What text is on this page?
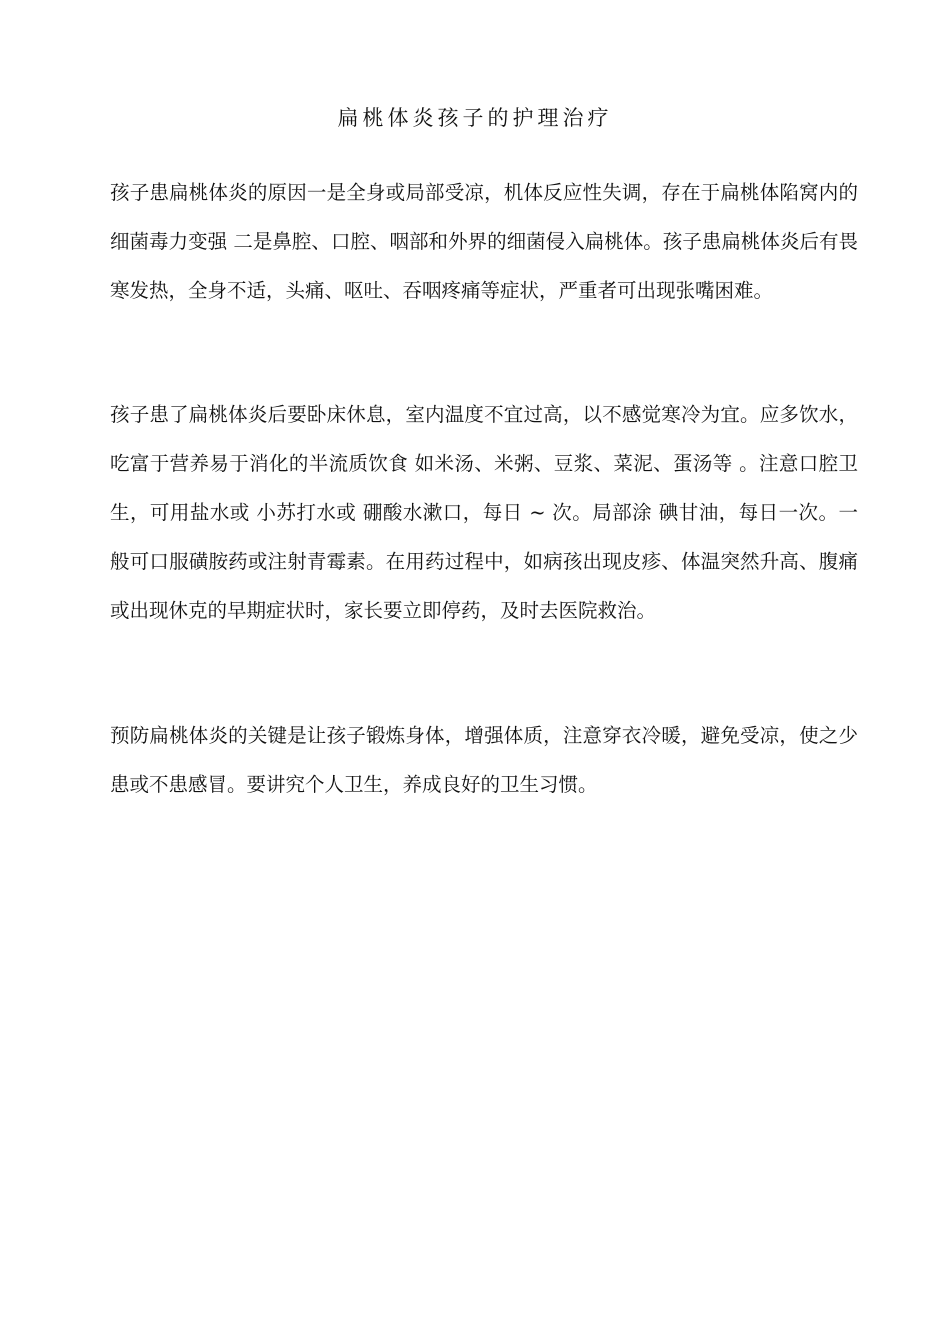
扁桃体炎孩子的护理治疗

孩子患扁桃体炎的原因一是全身或局部受凉，机体反应性失调，存在于扁桃体陷窝内的细菌毒力变强 二是鼻腔、口腔、咽部和外界的细菌侵入扁桃体。孩子患扁桃体炎后有畏寒发热，全身不适，头痛、呕吐、吞咽疼痛等症状，严重者可出现张嘴困难。

孩子患了扁桃体炎后要卧床休息，室内温度不宜过高，以不感觉寒冷为宜。应多饮水，吃富于营养易于消化的半流质饮食 如米汤、米粥、豆浆、菜泥、蛋汤等 。注意口腔卫生，可用盐水或 小苏打水或 硼酸水漱口，每日 ~ 次。局部涂 碘甘油，每日一次。一般可口服磺胺药或注射青霉素。在用药过程中，如病孩出现皮疹、体温突然升高、腹痛或出现休克的早期症状时，家长要立即停药，及时去医院救治。

预防扁桃体炎的关键是让孩子锻炼身体，增强体质，注意穿衣冷暖，避免受凉，使之少患或不患感冒。要讲究个人卫生，养成良好的卫生习惯。
